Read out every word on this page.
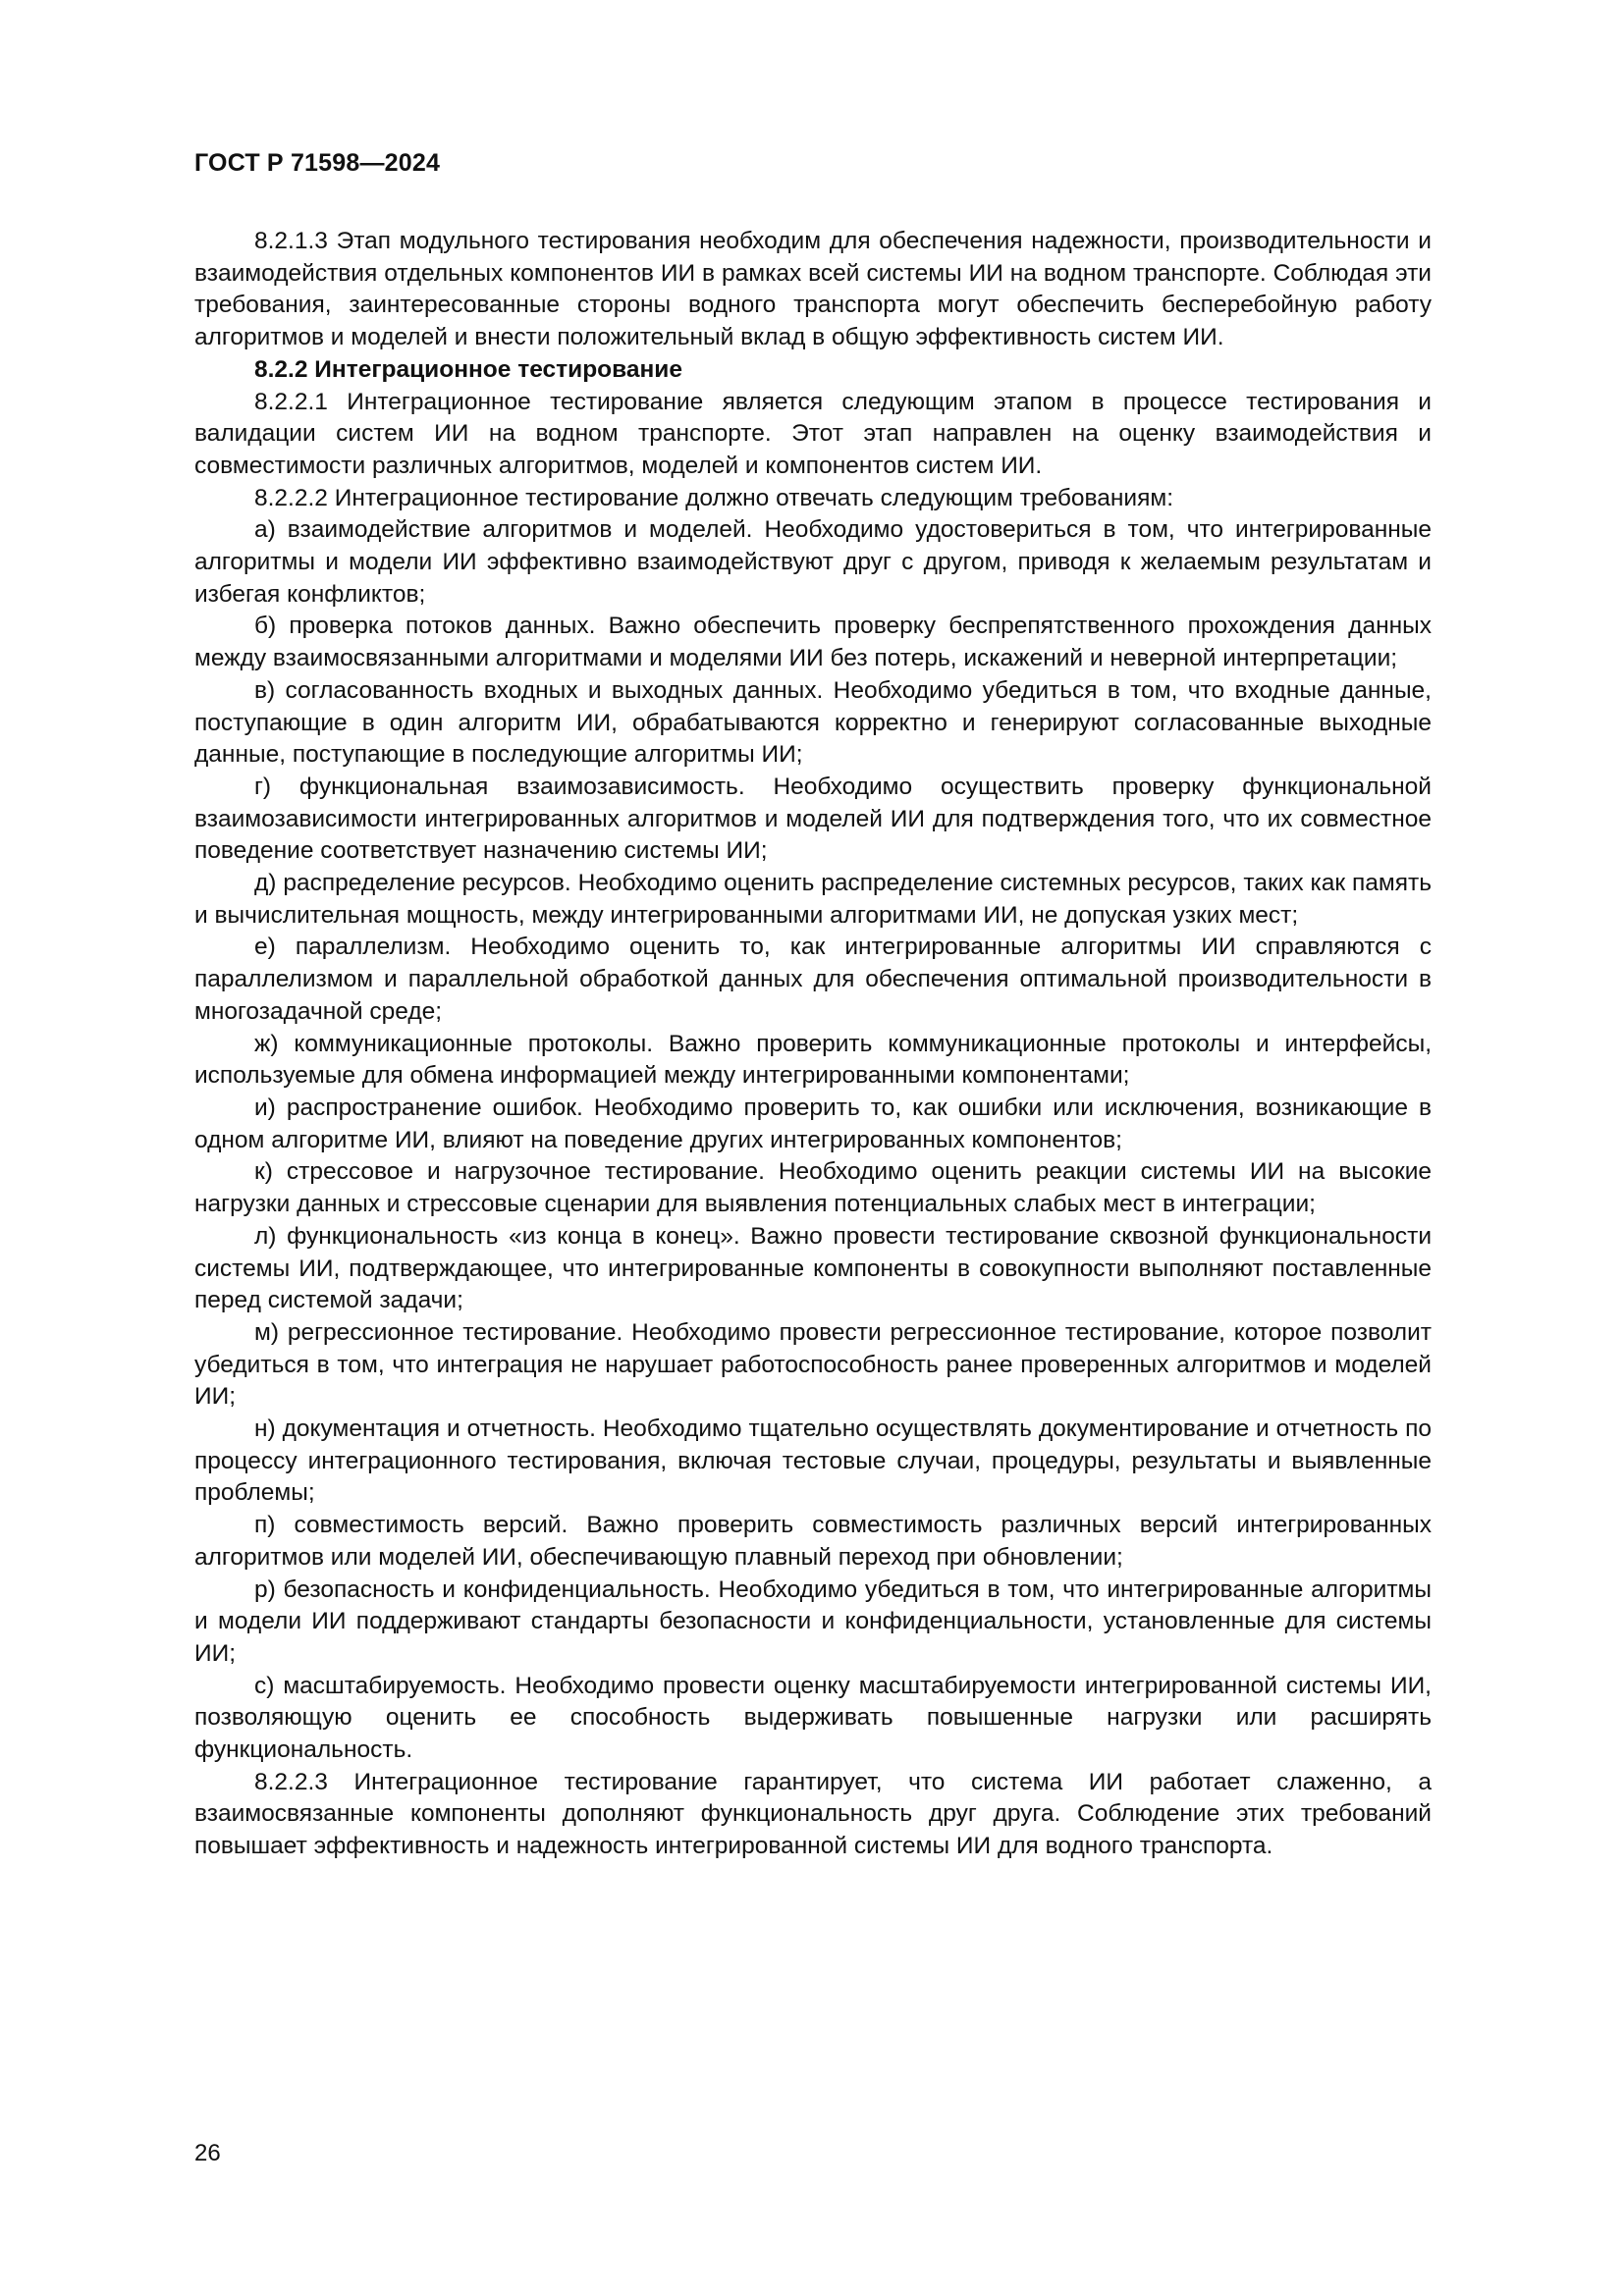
ГОСТ Р 71598—2024

8.2.1.3 Этап модульного тестирования необходим для обеспечения надежности, производительности и взаимодействия отдельных компонентов ИИ в рамках всей системы ИИ на водном транспорте. Соблюдая эти требования, заинтересованные стороны водного транспорта могут обеспечить бесперебойную работу алгоритмов и моделей и внести положительный вклад в общую эффективность систем ИИ.

8.2.2 Интеграционное тестирование

8.2.2.1 Интеграционное тестирование является следующим этапом в процессе тестирования и валидации систем ИИ на водном транспорте. Этот этап направлен на оценку взаимодействия и совместимости различных алгоритмов, моделей и компонентов систем ИИ.

8.2.2.2 Интеграционное тестирование должно отвечать следующим требованиям:

а) взаимодействие алгоритмов и моделей. Необходимо удостовериться в том, что интегрированные алгоритмы и модели ИИ эффективно взаимодействуют друг с другом, приводя к желаемым результатам и избегая конфликтов;

б) проверка потоков данных. Важно обеспечить проверку беспрепятственного прохождения данных между взаимосвязанными алгоритмами и моделями ИИ без потерь, искажений и неверной интерпретации;

в) согласованность входных и выходных данных. Необходимо убедиться в том, что входные данные, поступающие в один алгоритм ИИ, обрабатываются корректно и генерируют согласованные выходные данные, поступающие в последующие алгоритмы ИИ;

г) функциональная взаимозависимость. Необходимо осуществить проверку функциональной взаимозависимости интегрированных алгоритмов и моделей ИИ для подтверждения того, что их совместное поведение соответствует назначению системы ИИ;

д) распределение ресурсов. Необходимо оценить распределение системных ресурсов, таких как память и вычислительная мощность, между интегрированными алгоритмами ИИ, не допуская узких мест;

е) параллелизм. Необходимо оценить то, как интегрированные алгоритмы ИИ справляются с параллелизмом и параллельной обработкой данных для обеспечения оптимальной производительности в многозадачной среде;

ж) коммуникационные протоколы. Важно проверить коммуникационные протоколы и интерфейсы, используемые для обмена информацией между интегрированными компонентами;

и) распространение ошибок. Необходимо проверить то, как ошибки или исключения, возникающие в одном алгоритме ИИ, влияют на поведение других интегрированных компонентов;

к) стрессовое и нагрузочное тестирование. Необходимо оценить реакции системы ИИ на высокие нагрузки данных и стрессовые сценарии для выявления потенциальных слабых мест в интеграции;

л) функциональность «из конца в конец». Важно провести тестирование сквозной функциональности системы ИИ, подтверждающее, что интегрированные компоненты в совокупности выполняют поставленные перед системой задачи;

м) регрессионное тестирование. Необходимо провести регрессионное тестирование, которое позволит убедиться в том, что интеграция не нарушает работоспособность ранее проверенных алгоритмов и моделей ИИ;

н) документация и отчетность. Необходимо тщательно осуществлять документирование и отчетность по процессу интеграционного тестирования, включая тестовые случаи, процедуры, результаты и выявленные проблемы;

п) совместимость версий. Важно проверить совместимость различных версий интегрированных алгоритмов или моделей ИИ, обеспечивающую плавный переход при обновлении;

р) безопасность и конфиденциальность. Необходимо убедиться в том, что интегрированные алгоритмы и модели ИИ поддерживают стандарты безопасности и конфиденциальности, установленные для системы ИИ;

с) масштабируемость. Необходимо провести оценку масштабируемости интегрированной системы ИИ, позволяющую оценить ее способность выдерживать повышенные нагрузки или расширять функциональность.

8.2.2.3 Интеграционное тестирование гарантирует, что система ИИ работает слаженно, а взаимосвязанные компоненты дополняют функциональность друг друга. Соблюдение этих требований повышает эффективность и надежность интегрированной системы ИИ для водного транспорта.

26
